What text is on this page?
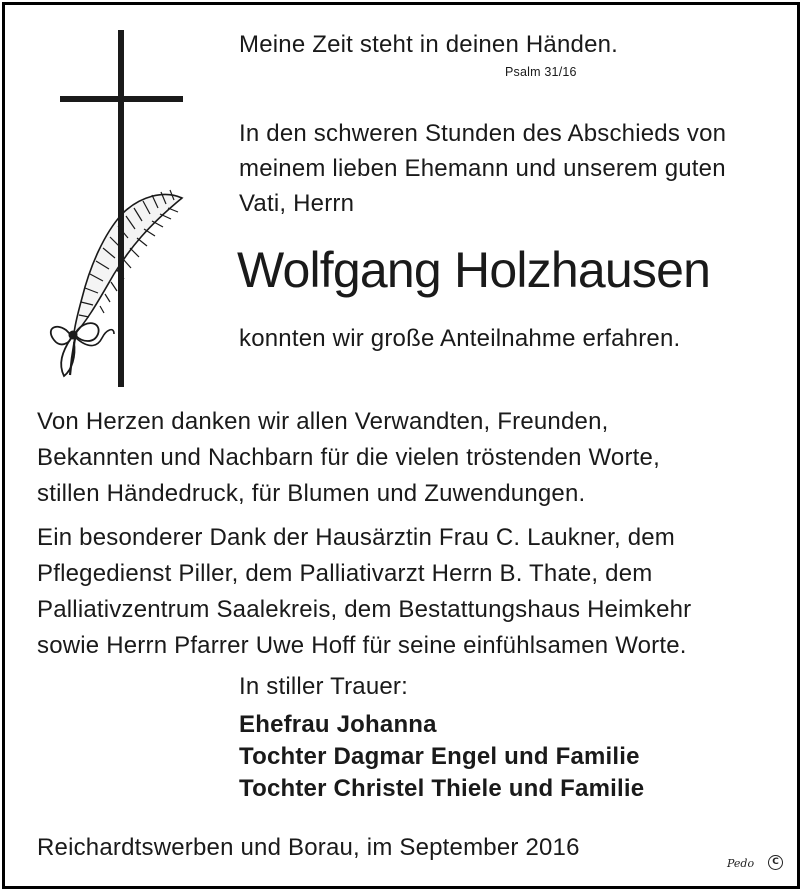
Meine Zeit steht in deinen Händen.

Psalm 31/16

In den schweren Stunden des Abschieds von
meinem lieben Ehemann und unserem guten
Vati, Herrn

Wolfgang Holzhausen

konnten wir große Anteilnahme erfahren.

Von Herzen danken wir allen Verwandten, Freunden,
Bekannten und Nachbarn für die vielen tröstenden Worte,
stillen Händedruck, für Blumen und Zuwendungen.
Ein besonderer Dank der Hausärztin Frau C. Laukner, dem
Pflegedienst Piller, dem Palliativarzt Herrn B. Thate, dem
Palliativzentrum Saalekreis, dem Bestattungshaus Heimkehr
sowie Herrn Pfarrer Uwe Hoff für seine einfühlsamen Worte.

In stiller Trauer:

Ehefrau Johanna
Tochter Dagmar Engel und Familie
Tochter Christel Thiele und Familie

Reichardtswerben und Borau, im September 2016

Pedo	C
